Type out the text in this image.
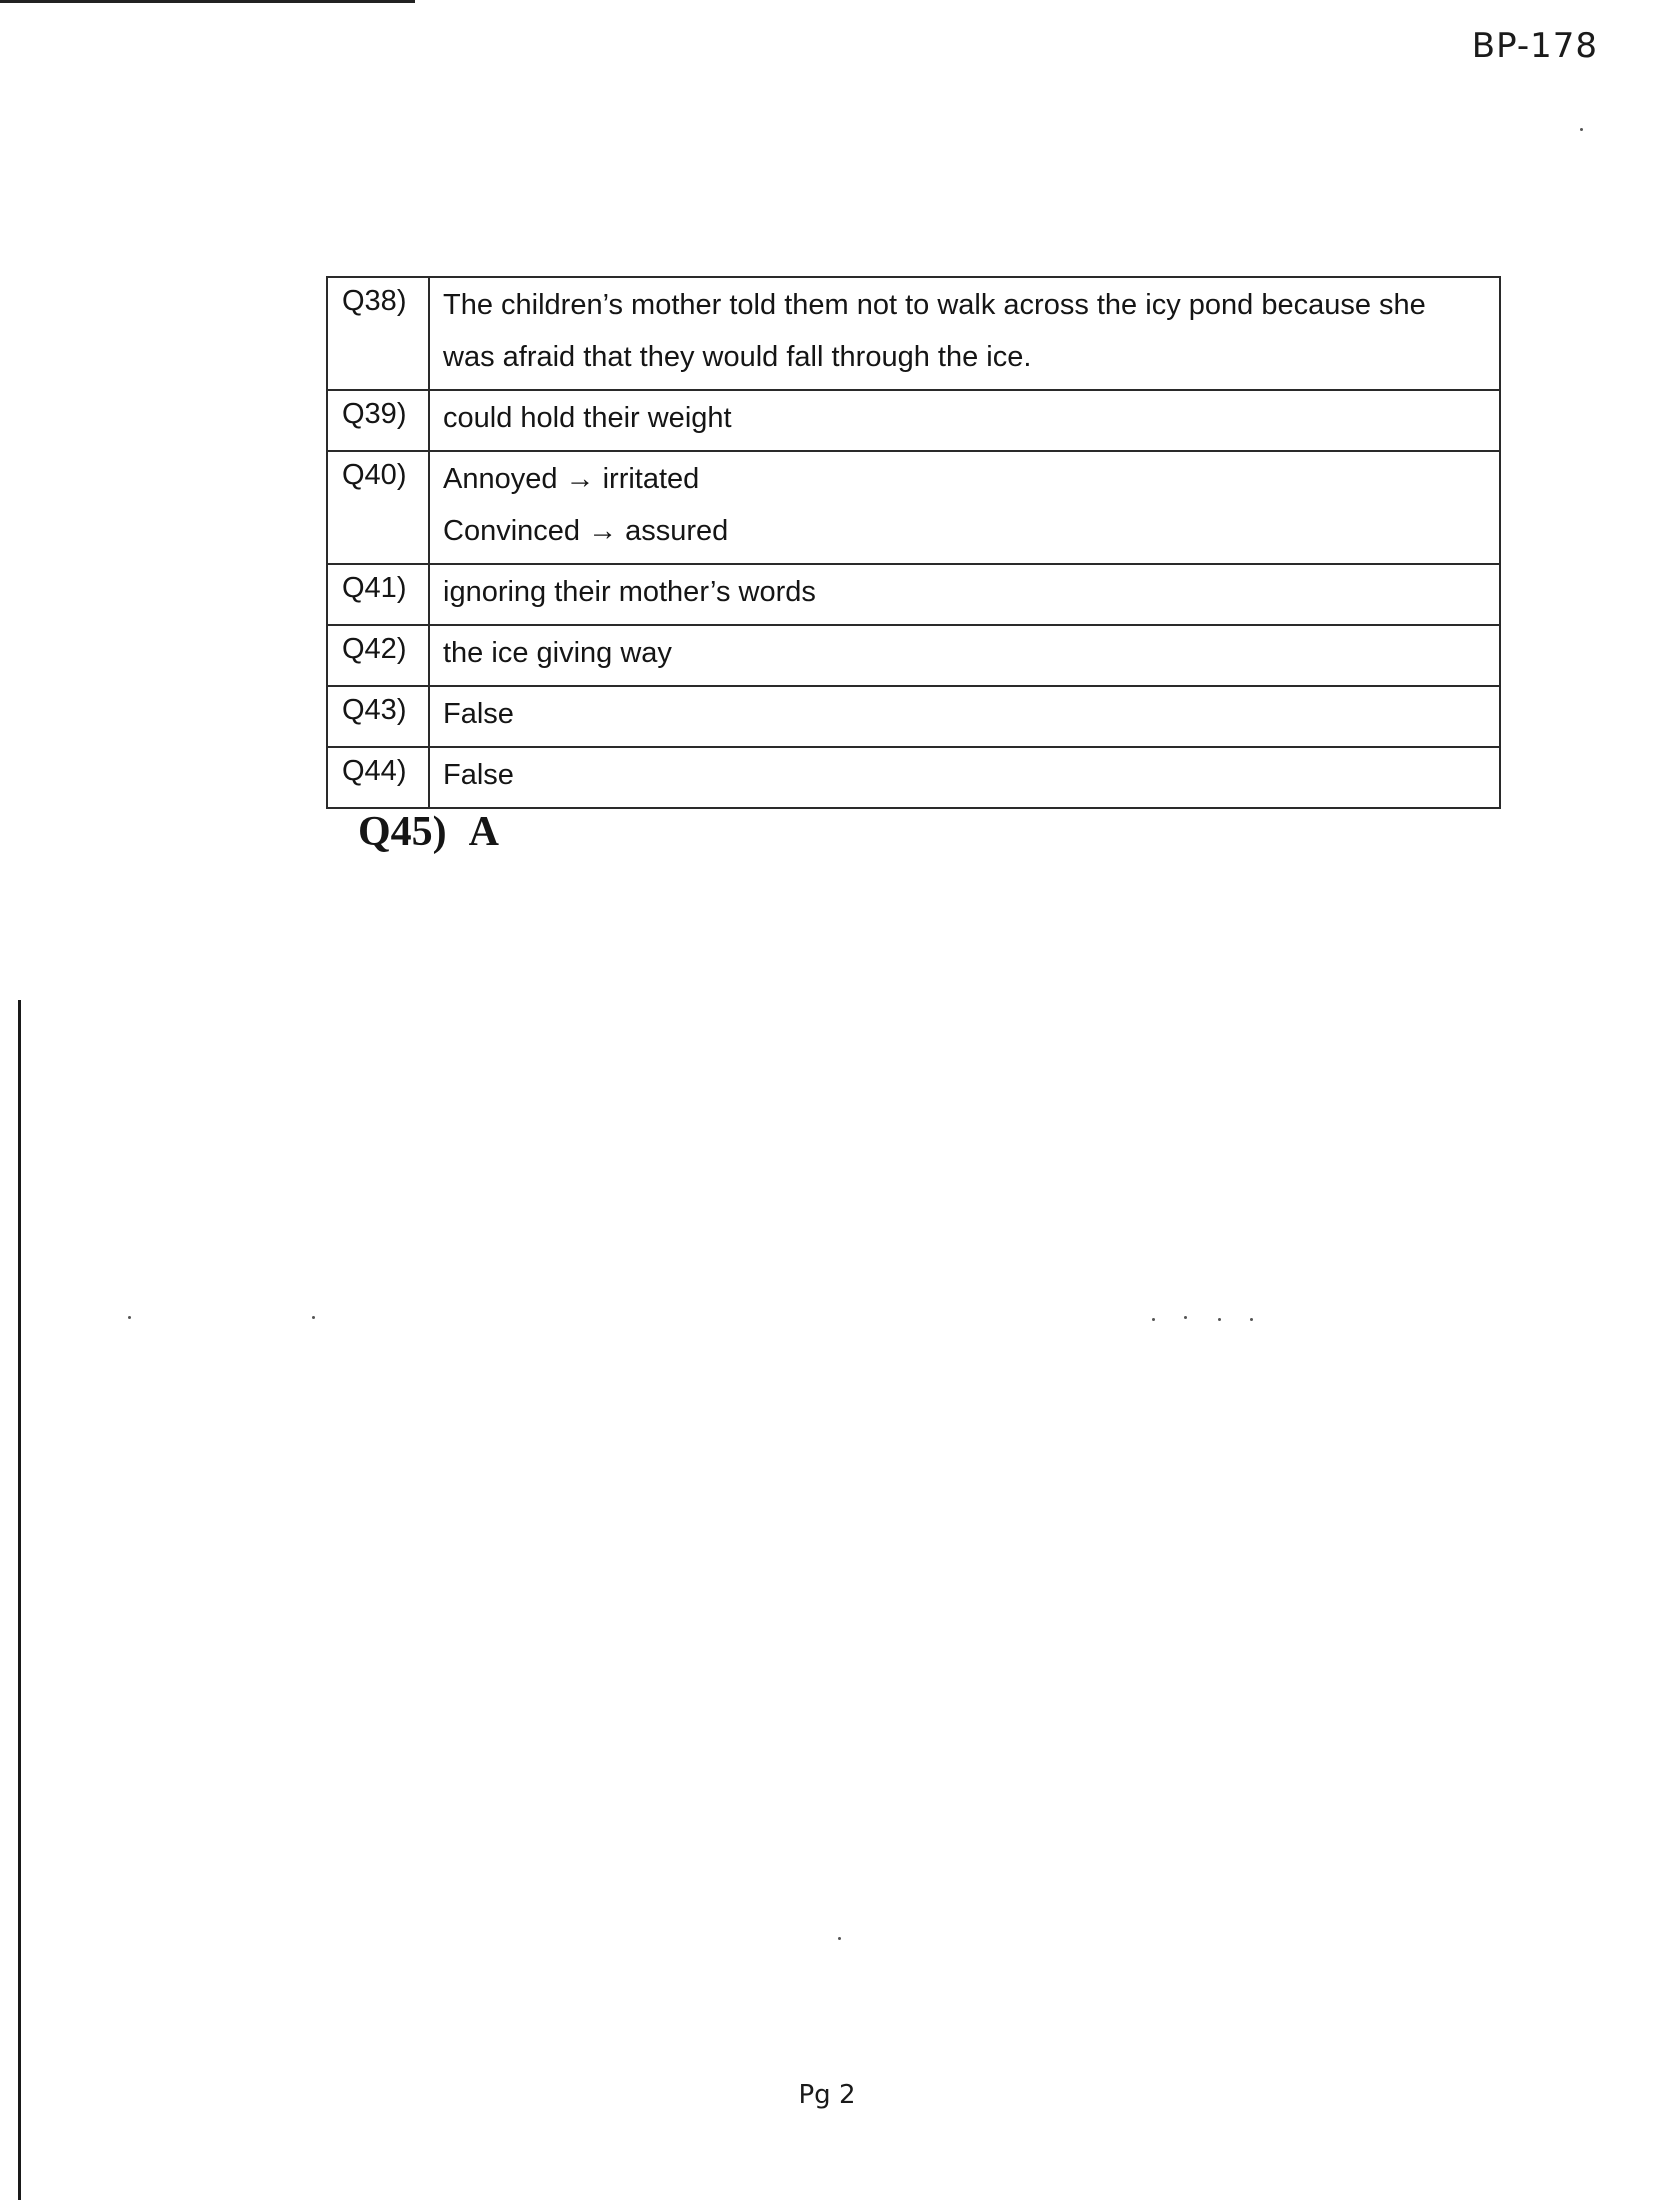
BP-178
Q38)	The children’s mother told them not to walk across the icy pond because she
was afraid that they would fall through the ice.

Q39)	could hold their weight

Q40)	Annoyed → irritated
Convinced → assured

Q41)	ignoring their mother’s words

Q42)	the ice giving way

Q43)	False

Q44)	False
Q45) A
Pg 2
